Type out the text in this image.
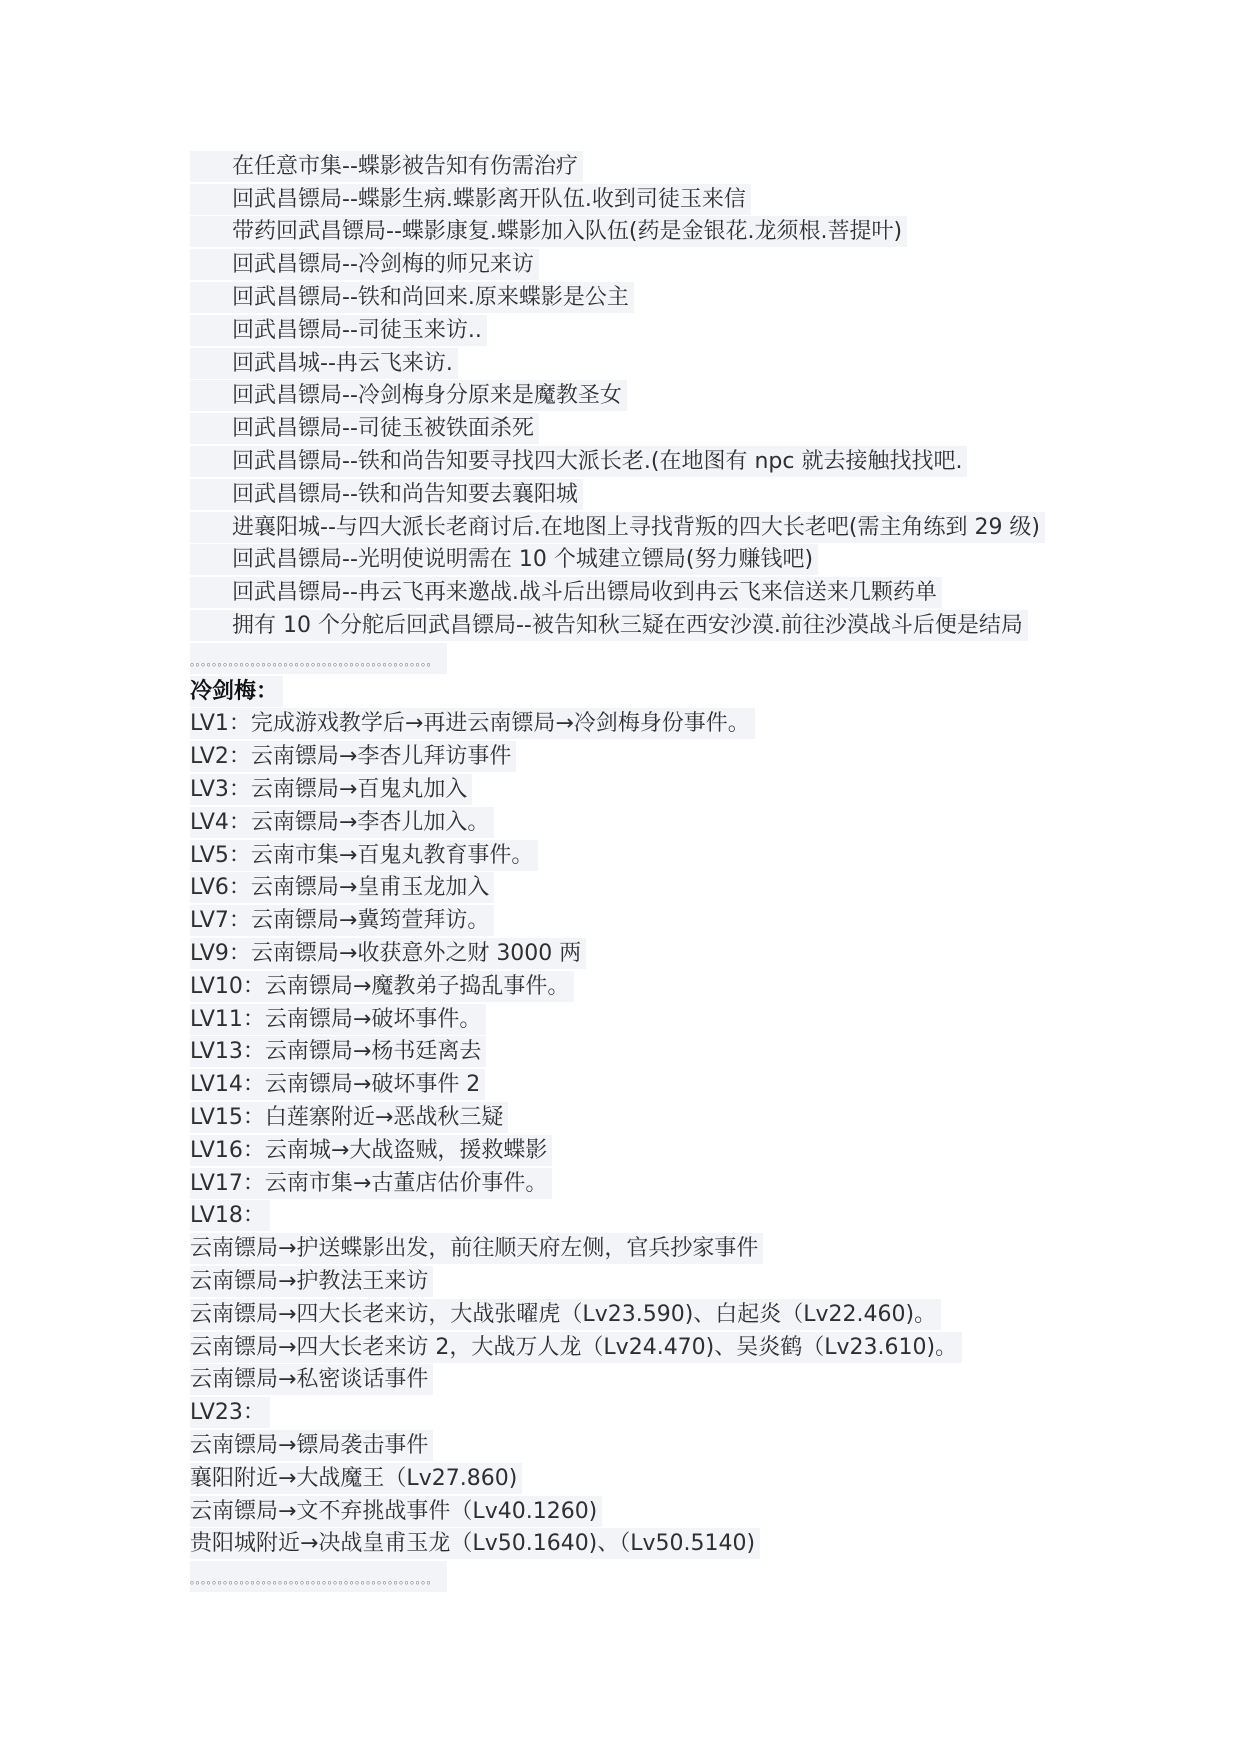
在任意市集--蝶影被告知有伤需治疗
回武昌镖局--蝶影生病.蝶影离开队伍.收到司徒玉来信
带药回武昌镖局--蝶影康复.蝶影加入队伍(药是金银花.龙须根.菩提叶)
回武昌镖局--冷剑梅的师兄来访
回武昌镖局--铁和尚回来.原来蝶影是公主
回武昌镖局--司徒玉来访..
回武昌城--冉云飞来访.
回武昌镖局--冷剑梅身分原来是魔教圣女
回武昌镖局--司徒玉被铁面杀死
回武昌镖局--铁和尚告知要寻找四大派长老.(在地图有 npc 就去接触找找吧.
回武昌镖局--铁和尚告知要去襄阳城
进襄阳城--与四大派长老商讨后.在地图上寻找背叛的四大长老吧(需主角练到 29 级)
回武昌镖局--光明使说明需在 10 个城建立镖局(努力赚钱吧)
回武昌镖局--冉云飞再来邀战.战斗后出镖局收到冉云飞来信送来几颗药单
拥有 10 个分舵后回武昌镖局--被告知秋三疑在西安沙漠.前往沙漠战斗后便是结局
。。。。。。。。。。。。。。。。。。。。。。。。。。。。。。。。。。。。。。。。。。。。
冷剑梅：
LV1：完成游戏教学后→再进云南镖局→冷剑梅身份事件。
LV2：云南镖局→李杏儿拜访事件
LV3：云南镖局→百鬼丸加入
LV4：云南镖局→李杏儿加入。
LV5：云南市集→百鬼丸教育事件。
LV6：云南镖局→皇甫玉龙加入
LV7：云南镖局→冀筠萱拜访。
LV9：云南镖局→收获意外之财 3000 两
LV10：云南镖局→魔教弟子捣乱事件。
LV11：云南镖局→破坏事件。
LV13：云南镖局→杨书廷离去
LV14：云南镖局→破坏事件 2
LV15：白莲寨附近→恶战秋三疑
LV16：云南城→大战盗贼，援救蝶影
LV17：云南市集→古董店估价事件。
LV18：
云南镖局→护送蝶影出发，前往顺天府左侧，官兵抄家事件
云南镖局→护教法王来访
云南镖局→四大长老来访，大战张曜虎（Lv23.590)、白起炎（Lv22.460)。
云南镖局→四大长老来访 2，大战万人龙（Lv24.470)、吴炎鹤（Lv23.610)。
云南镖局→私密谈话事件
LV23：
云南镖局→镖局袭击事件
襄阳附近→大战魔王（Lv27.860)
云南镖局→文不弃挑战事件（Lv40.1260)
贵阳城附近→决战皇甫玉龙（Lv50.1640)、（Lv50.5140)
。。。。。。。。。。。。。。。。。。。。。。。。。。。。。。。。。。。。。。。。。。。。
